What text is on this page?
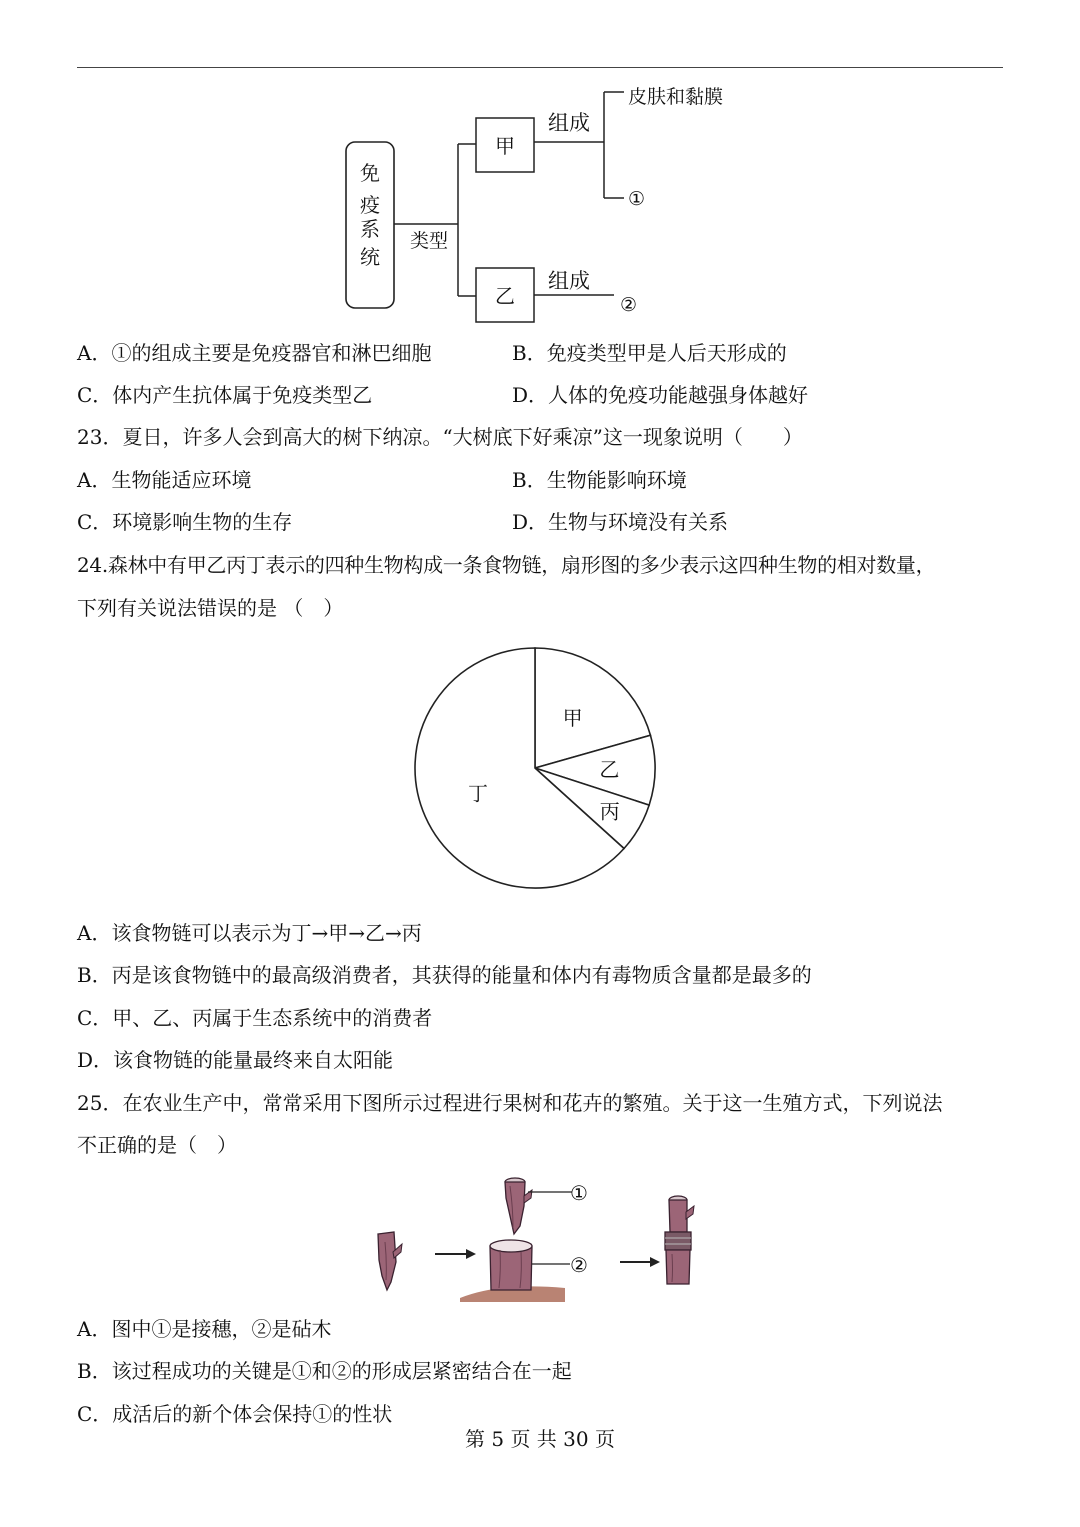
免
疫
系
统
类型
甲
乙
组成
皮肤和黏膜
①
组成
②
A．①的组成主要是免疫器官和淋巴细胞	B．免疫类型甲是人后天形成的
C．体内产生抗体属于免疫类型乙	D．人体的免疫功能越强身体越好
23．夏日，许多人会到高大的树下纳凉。“大树底下好乘凉”这一现象说明（　　）
A．生物能适应环境	B．生物能影响环境
C．环境影响生物的生存	D．生物与环境没有关系
24.森林中有甲乙丙丁表示的四种生物构成一条食物链，扇形图的多少表示这四种生物的相对数量，
下列有关说法错误的是 （　）
甲
乙
丙
丁
A．该食物链可以表示为丁→甲→乙→丙
B．丙是该食物链中的最高级消费者，其获得的能量和体内有毒物质含量都是最多的
C．甲、乙、丙属于生态系统中的消费者
D．该食物链的能量最终来自太阳能
25．在农业生产中，常常采用下图所示过程进行果树和花卉的繁殖。关于这一生殖方式，下列说法
不正确的是（　）
①
②
A．图中①是接穗，②是砧木
B．该过程成功的关键是①和②的形成层紧密结合在一起
C．成活后的新个体会保持①的性状
第 5 页 共 30 页
